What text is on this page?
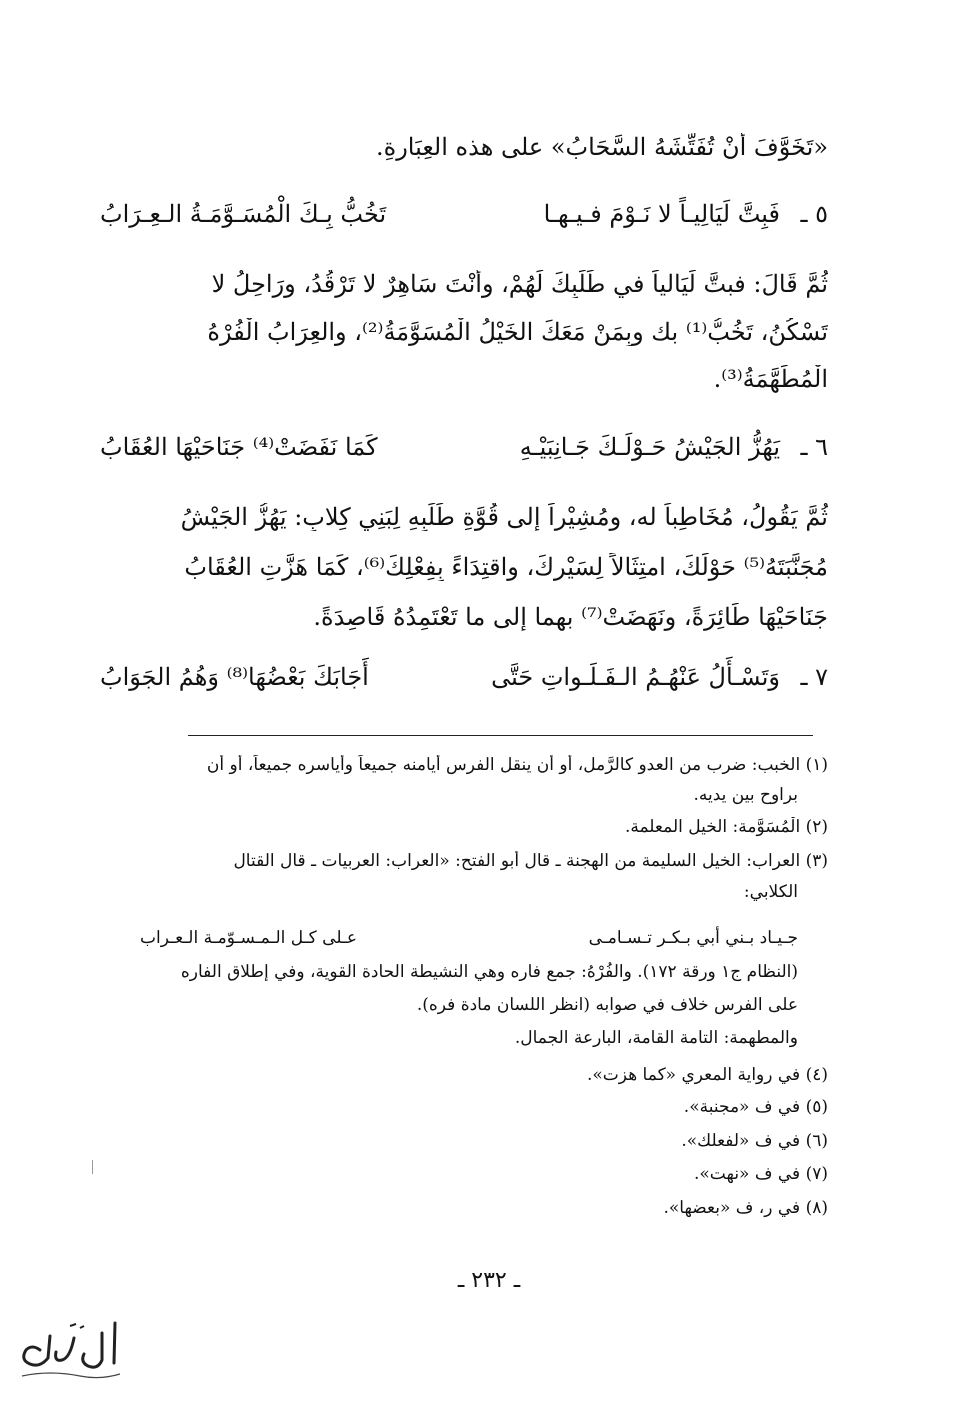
«تَخَوَّفَ أَنْ تُفَتِّشَهُ السَّحَابُ» على هذه العِبَارةِ.
٥ ـ
فَبِتَّ لَيَالِيـاً لا نَـوْمَ فـيـهـا
تَخُبُّ بِـكَ الْمُسَـوَّمَـةُ الـعِـرَابُ
ثُمَّ قَالَ: فبتَّ لَيَالياً في طَلَبِكَ لَهُمْ، وأَنْتَ سَاهِرٌ لا تَرْقُدُ، ورَاحِلُ لا
تَسْكُنُ، تَخُبُّ⁽¹⁾ بك وبِمَنْ مَعَكَ الخَيْلُ الْمُسَوَّمَةُ⁽²⁾، والعِرَابُ الْفُرْهُ
الْمُطَهَّمَةُ⁽³⁾.
٦ ـ
يَهُزُّ الجَيْشُ حَـوْلَـكَ جَـانِبَيْـهِ
كَمَا نَفَضَتْ⁽⁴⁾ جَنَاحَيْهَا العُقَابُ
ثُمَّ يَقُولُ، مُخَاطِباً له، ومُشِيْراً إلى قُوَّةِ طَلَبِهِ لِبَنِي كِلابٍ: يَهُزُّ الجَيْشُ
مُجَنَّبَتَهُ⁽⁵⁾ حَوْلَكَ، امتِثَالاً لِسَيْرِكَ، واقتِدَاءً بِفِعْلِكَ⁽⁶⁾، كَمَا هَزَّتِ العُقَابُ
جَنَاحَيْهَا طَائِرَةً، ونَهَضَتْ⁽⁷⁾ بهما إلى ما تَعْتَمِدُهُ قَاصِدَةً.
٧ ـ
وَتَسْـأَلُ عَنْهُـمُ الـفَـلَـواتِ حَتَّى
أَجَابَكَ بَعْضُهَا⁽⁸⁾ وَهُمُ الجَوَابُ
(١) الخبب: ضرب من العدو كالرَّمل، أو أن ينقل الفرس أيامنه جميعاً وأياسره جميعاً، أو أن
براوح بين يديه.
(٢) الْمُسَوَّمة: الخيل المعلمة.
(٣) العراب: الخيل السليمة من الهجنة ـ قال أبو الفتح: «العراب: العربيات ـ قال القتال
الكلابي:
جـيـاد بـني أبي بـكـر تـسـامـى
عـلى كـل الـمـسـوّمـة الـعـراب
(النظام ج١ ورقة ١٧٢). والفُرْهُ: جمع فاره وهي النشيطة الحادة القوية، وفي إطلاق الفاره
على الفرس خلاف في صوابه (انظر اللسان مادة فره).
والمطهمة: التامة القامة، البارعة الجمال.
(٤) في رواية المعري «كما هزت».
(٥) في ف «مجنبة».
(٦) في ف «لفعلك».
(٧) في ف «نهت».
(٨) في ر، ف «بعضها».
ـ ٢٣٢ ـ
